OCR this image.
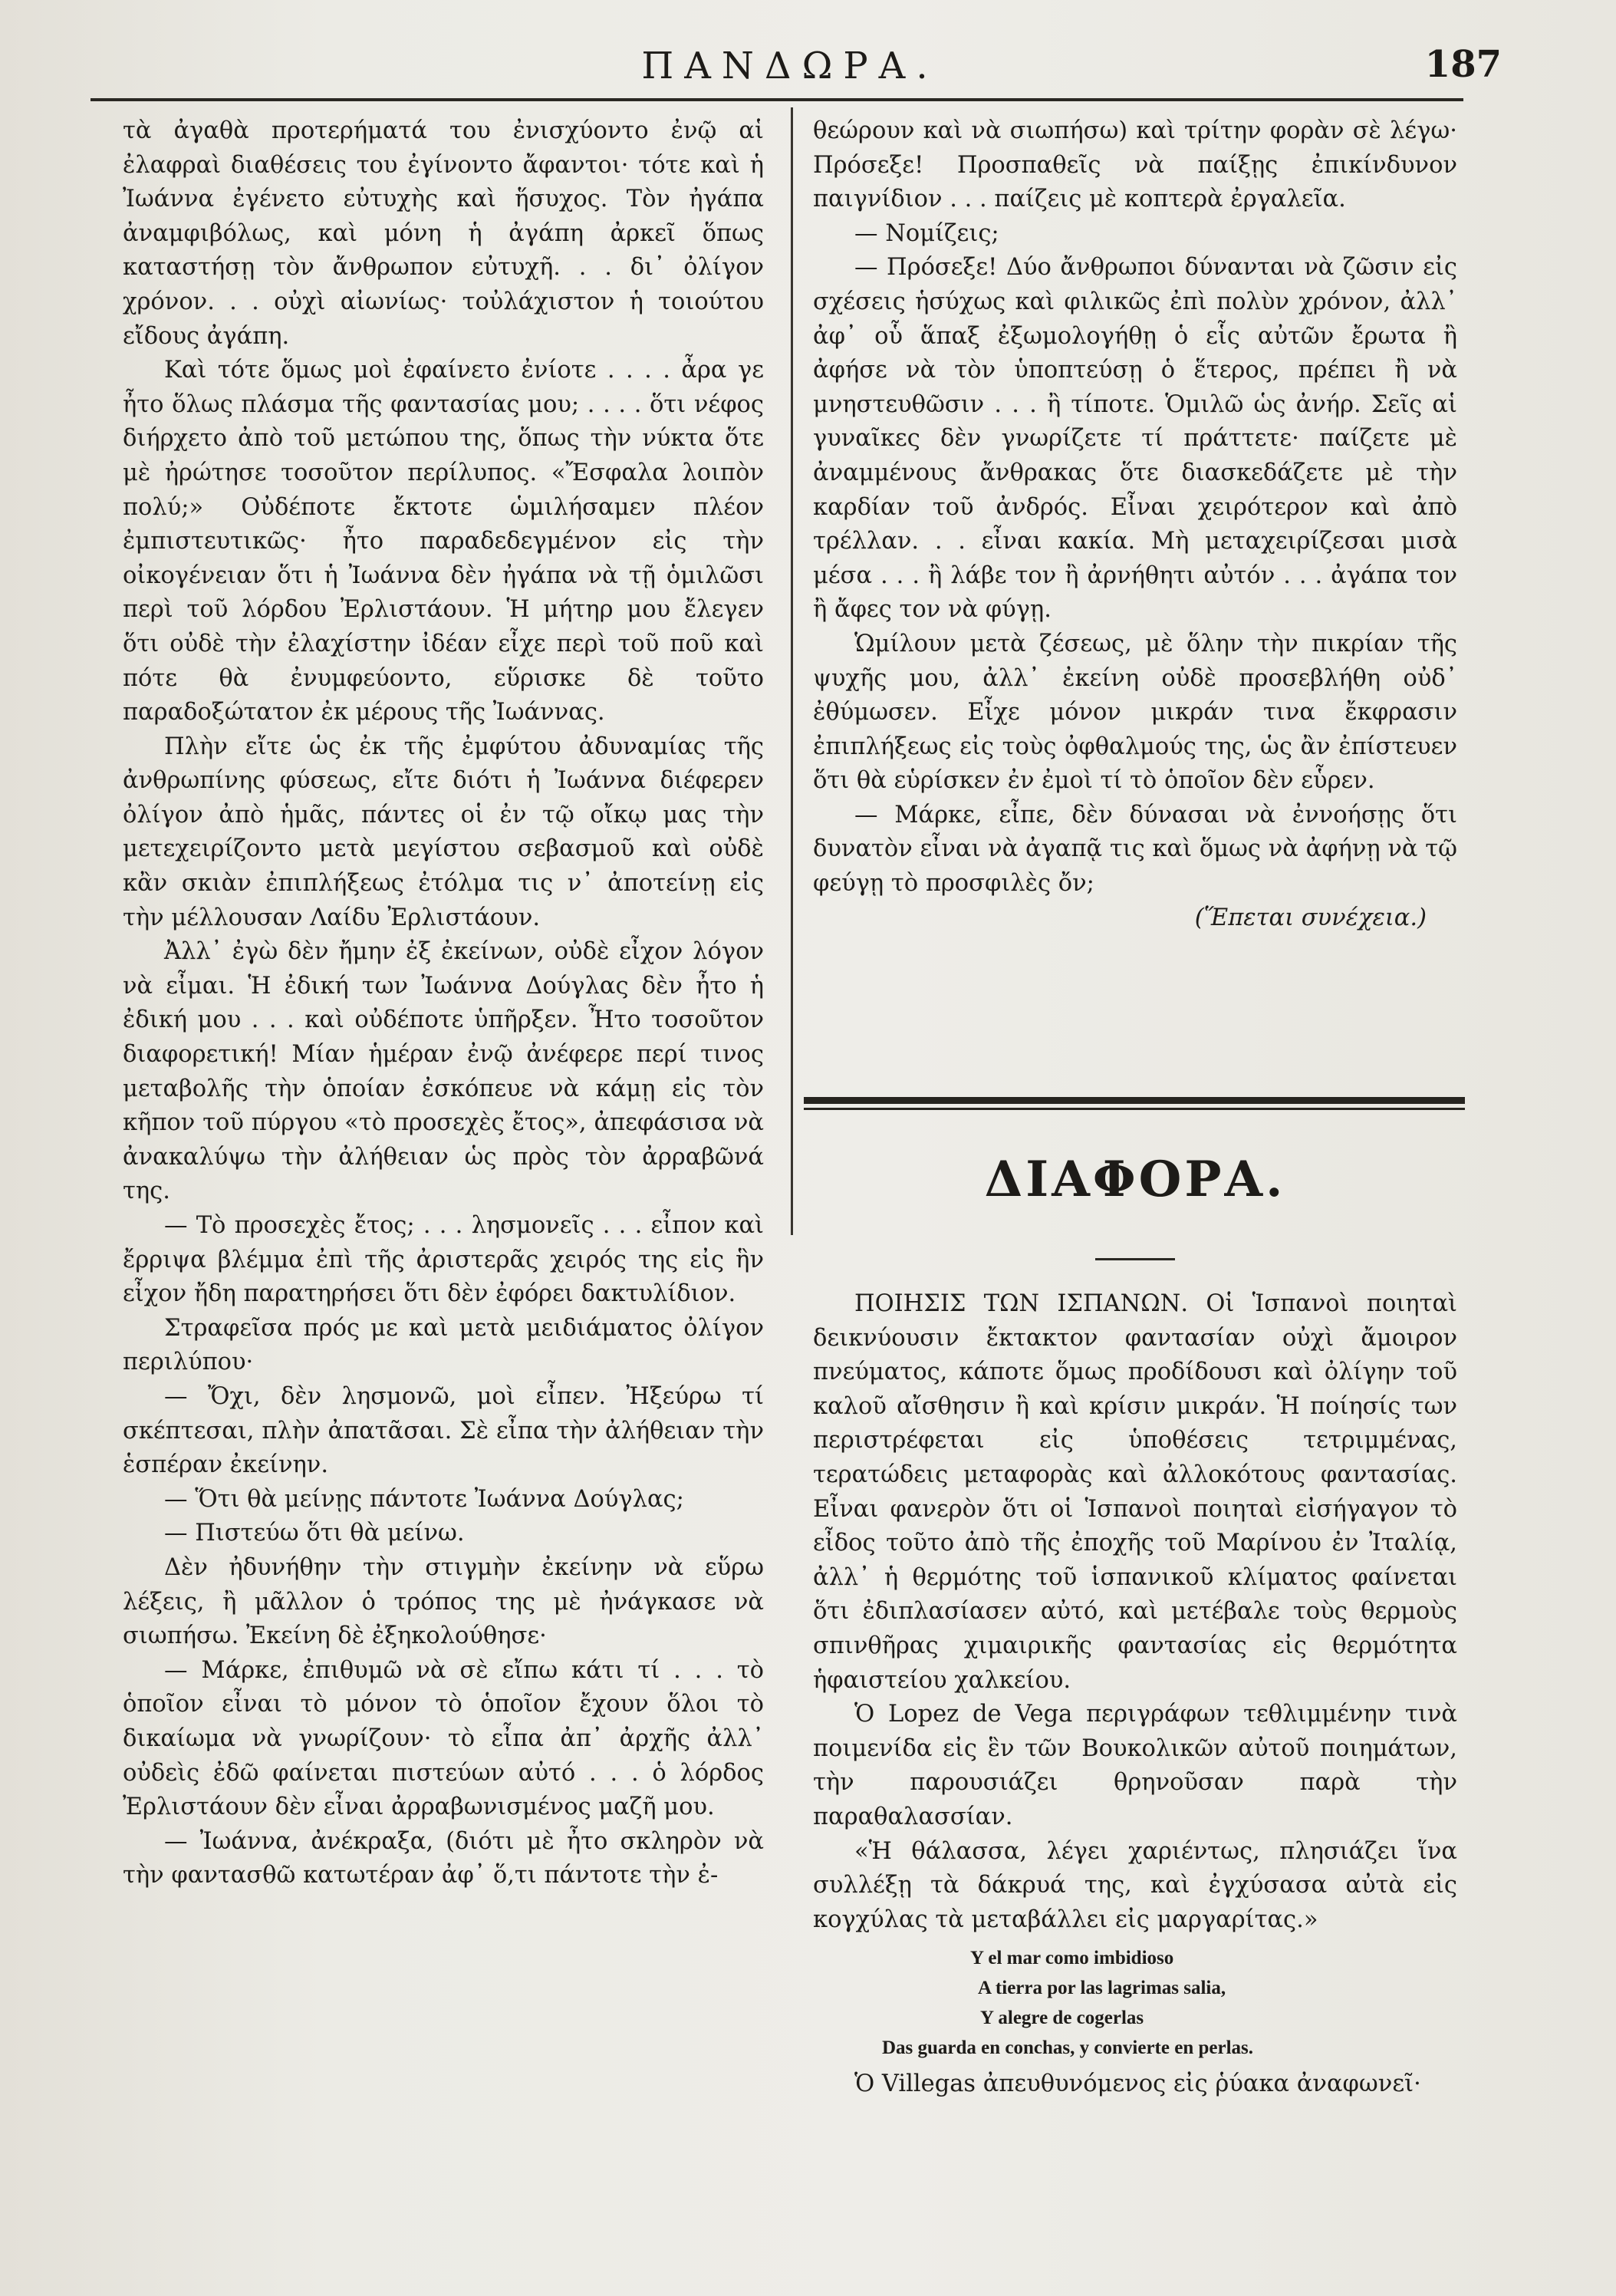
ΠΑΝΔΩΡΑ.	187

τὰ ἀγαθὰ προτερήματά του ἐνισχύοντο ἐνῷ αἱ ἐλαφραὶ διαθέσεις του ἐγίνοντο ἄφαντοι· τότε καὶ ἡ Ἰωάννα ἐγένετο εὐτυχὴς καὶ ἥσυχος. Τὸν ἠγάπα ἀναμφιβόλως, καὶ μόνη ἡ ἀγάπη ἀρκεῖ ὅπως καταστήσῃ τὸν ἄνθρωπον εὐτυχῆ. . . δι᾽ ὀλίγον χρόνον. . . οὐχὶ αἰωνίως· τοὐλάχιστον ἡ τοιούτου εἴδους ἀγάπη.

Καὶ τότε ὅμως μοὶ ἐφαίνετο ἐνίοτε . . . . ἆρα γε ἦτο ὅλως πλάσμα τῆς φαντασίας μου; . . . . ὅτι νέφος διήρχετο ἀπὸ τοῦ μετώπου της, ὅπως τὴν νύκτα ὅτε μὲ ἠρώτησε τοσοῦτον περίλυπος. «Ἔσφαλα λοιπὸν πολύ;» Οὐδέποτε ἔκτοτε ὡμιλήσαμεν πλέον ἐμπιστευτικῶς· ἦτο παραδεδεγμένον εἰς τὴν οἰκογένειαν ὅτι ἡ Ἰωάννα δὲν ἠγάπα νὰ τῇ ὁμιλῶσι περὶ τοῦ λόρδου Ἐρλιστάουν. Ἡ μήτηρ μου ἔλεγεν ὅτι οὐδὲ τὴν ἐλαχίστην ἰδέαν εἶχε περὶ τοῦ ποῦ καὶ πότε θὰ ἐνυμφεύοντο, εὕρισκε δὲ τοῦτο παραδοξώτατον ἐκ μέρους τῆς Ἰωάννας.

Πλὴν εἴτε ὡς ἐκ τῆς ἐμφύτου ἀδυναμίας τῆς ἀνθρωπίνης φύσεως, εἴτε διότι ἡ Ἰωάννα διέφερεν ὀλίγον ἀπὸ ἡμᾶς, πάντες οἱ ἐν τῷ οἴκῳ μας τὴν μετεχειρίζοντο μετὰ μεγίστου σεβασμοῦ καὶ οὐδὲ κἂν σκιὰν ἐπιπλήξεως ἐτόλμα τις ν᾽ ἀποτείνῃ εἰς τὴν μέλλουσαν Λαίδυ Ἐρλιστάουν.

Ἀλλ᾽ ἐγὼ δὲν ἤμην ἐξ ἐκείνων, οὐδὲ εἶχον λόγον νὰ εἶμαι. Ἡ ἐδική των Ἰωάννα Δούγλας δὲν ἦτο ἡ ἐδική μου . . . καὶ οὐδέποτε ὑπῆρξεν. Ἦτο τοσοῦτον διαφορετική! Μίαν ἡμέραν ἐνῷ ἀνέφερε περί τινος μεταβολῆς τὴν ὁποίαν ἐσκόπευε νὰ κάμῃ εἰς τὸν κῆπον τοῦ πύργου «τὸ προσεχὲς ἔτος», ἀπεφάσισα νὰ ἀνακαλύψω τὴν ἀλήθειαν ὡς πρὸς τὸν ἀρραβῶνά της.

— Τὸ προσεχὲς ἔτος; . . . λησμονεῖς . . . εἶπον καὶ ἔρριψα βλέμμα ἐπὶ τῆς ἀριστερᾶς χειρός της εἰς ἣν εἶχον ἤδη παρατηρήσει ὅτι δὲν ἐφόρει δακτυλίδιον.

Στραφεῖσα πρός με καὶ μετὰ μειδιάματος ὀλίγον περιλύπου·

— Ὄχι, δὲν λησμονῶ, μοὶ εἶπεν. Ἠξεύρω τί σκέπτεσαι, πλὴν ἀπατᾶσαι. Σὲ εἶπα τὴν ἀλήθειαν τὴν ἑσπέραν ἐκείνην.

— Ὅτι θὰ μείνῃς πάντοτε Ἰωάννα Δούγλας;

— Πιστεύω ὅτι θὰ μείνω.

Δὲν ἠδυνήθην τὴν στιγμὴν ἐκείνην νὰ εὕρω λέξεις, ἢ μᾶλλον ὁ τρόπος της μὲ ἠνάγκασε νὰ σιωπήσω. Ἐκείνη δὲ ἐξηκολούθησε·

— Μάρκε, ἐπιθυμῶ νὰ σὲ εἴπω κάτι τί . . . τὸ ὁποῖον εἶναι τὸ μόνον τὸ ὁποῖον ἔχουν ὅλοι τὸ δικαίωμα νὰ γνωρίζουν· τὸ εἶπα ἀπ᾽ ἀρχῆς ἀλλ᾽ οὐδεὶς ἐδῶ φαίνεται πιστεύων αὐτό . . . ὁ λόρδος Ἐρλιστάουν δὲν εἶναι ἀρραβωνισμένος μαζῆ μου.

— Ἰωάννα, ἀνέκραξα, (διότι μὲ ἦτο σκληρὸν νὰ τὴν φαντασθῶ κατωτέραν ἀφ᾽ ὅ,τι πάντοτε τὴν ἐ-

θεώρουν καὶ νὰ σιωπήσω) καὶ τρίτην φορὰν σὲ λέγω· Πρόσεξε! Προσπαθεῖς νὰ παίξῃς ἐπικίνδυνον παιγνίδιον . . . παίζεις μὲ κοπτερὰ ἐργαλεῖα.

— Νομίζεις;

— Πρόσεξε! Δύο ἄνθρωποι δύνανται νὰ ζῶσιν εἰς σχέσεις ἡσύχως καὶ φιλικῶς ἐπὶ πολὺν χρόνον, ἀλλ᾽ ἀφ᾽ οὗ ἅπαξ ἐξωμολογήθῃ ὁ εἷς αὐτῶν ἔρωτα ἢ ἀφήσε νὰ τὸν ὑποπτεύσῃ ὁ ἕτερος, πρέπει ἢ νὰ μνηστευθῶσιν . . . ἢ τίποτε. Ὁμιλῶ ὡς ἀνήρ. Σεῖς αἱ γυναῖκες δὲν γνωρίζετε τί πράττετε· παίζετε μὲ ἀναμμένους ἄνθρακας ὅτε διασκεδάζετε μὲ τὴν καρδίαν τοῦ ἀνδρός. Εἶναι χειρότερον καὶ ἀπὸ τρέλλαν. . . εἶναι κακία. Μὴ μεταχειρίζεσαι μισὰ μέσα . . . ἢ λάβε τον ἢ ἀρνήθητι αὐτόν . . . ἀγάπα τον ἢ ἄφες τον νὰ φύγῃ.

Ὡμίλουν μετὰ ζέσεως, μὲ ὅλην τὴν πικρίαν τῆς ψυχῆς μου, ἀλλ᾽ ἐκείνη οὐδὲ προσεβλήθη οὐδ᾽ ἐθύμωσεν. Εἶχε μόνον μικράν τινα ἔκφρασιν ἐπιπλήξεως εἰς τοὺς ὀφθαλμούς της, ὡς ἂν ἐπίστευεν ὅτι θὰ εὑρίσκεν ἐν ἐμοὶ τί τὸ ὁποῖον δὲν εὗρεν.

— Μάρκε, εἶπε, δὲν δύνασαι νὰ ἐννοήσῃς ὅτι δυνατὸν εἶναι νὰ ἀγαπᾷ τις καὶ ὅμως νὰ ἀφήνῃ νὰ τῷ φεύγῃ τὸ προσφιλὲς ὄν;

(Ἕπεται συνέχεια.)

ΔΙΑΦΟΡΑ.

ΠΟΙΗΣΙΣ ΤΩΝ ΙΣΠΑΝΩΝ. Οἱ Ἱσπανοὶ ποιηταὶ δεικνύουσιν ἔκτακτον φαντασίαν οὐχὶ ἄμοιρον πνεύματος, κάποτε ὅμως προδίδουσι καὶ ὀλίγην τοῦ καλοῦ αἴσθησιν ἢ καὶ κρίσιν μικράν. Ἡ ποίησίς των περιστρέφεται εἰς ὑποθέσεις τετριμμένας, τερατώδεις μεταφορὰς καὶ ἀλλοκότους φαντασίας. Εἶναι φανερὸν ὅτι οἱ Ἱσπανοὶ ποιηταὶ εἰσήγαγον τὸ εἶδος τοῦτο ἀπὸ τῆς ἐποχῆς τοῦ Μαρίνου ἐν Ἰταλίᾳ, ἀλλ᾽ ἡ θερμότης τοῦ ἱσπανικοῦ κλίματος φαίνεται ὅτι ἐδιπλασίασεν αὐτό, καὶ μετέβαλε τοὺς θερμοὺς σπινθῆρας χιμαιρικῆς φαντασίας εἰς θερμότητα ἡφαιστείου χαλκείου.

Ὁ Lopez de Vega περιγράφων τεθλιμμένην τινὰ ποιμενίδα εἰς ἓν τῶν Βουκολικῶν αὐτοῦ ποιημάτων, τὴν παρουσιάζει θρηνοῦσαν παρὰ τὴν παραθαλασσίαν.

«Ἡ θάλασσα, λέγει χαριέντως, πλησιάζει ἵνα συλλέξῃ τὰ δάκρυά της, καὶ ἐγχύσασα αὐτὰ εἰς κογχύλας τὰ μεταβάλλει εἰς μαργαρίτας.»

Y el mar como imbidioso
A tierra por las lagrimas salia,
Y alegre de cogerlas
Das guarda en conchas, y convierte en perlas.

Ὁ Villegas ἀπευθυνόμενος εἰς ῥύακα ἀναφωνεῖ·
